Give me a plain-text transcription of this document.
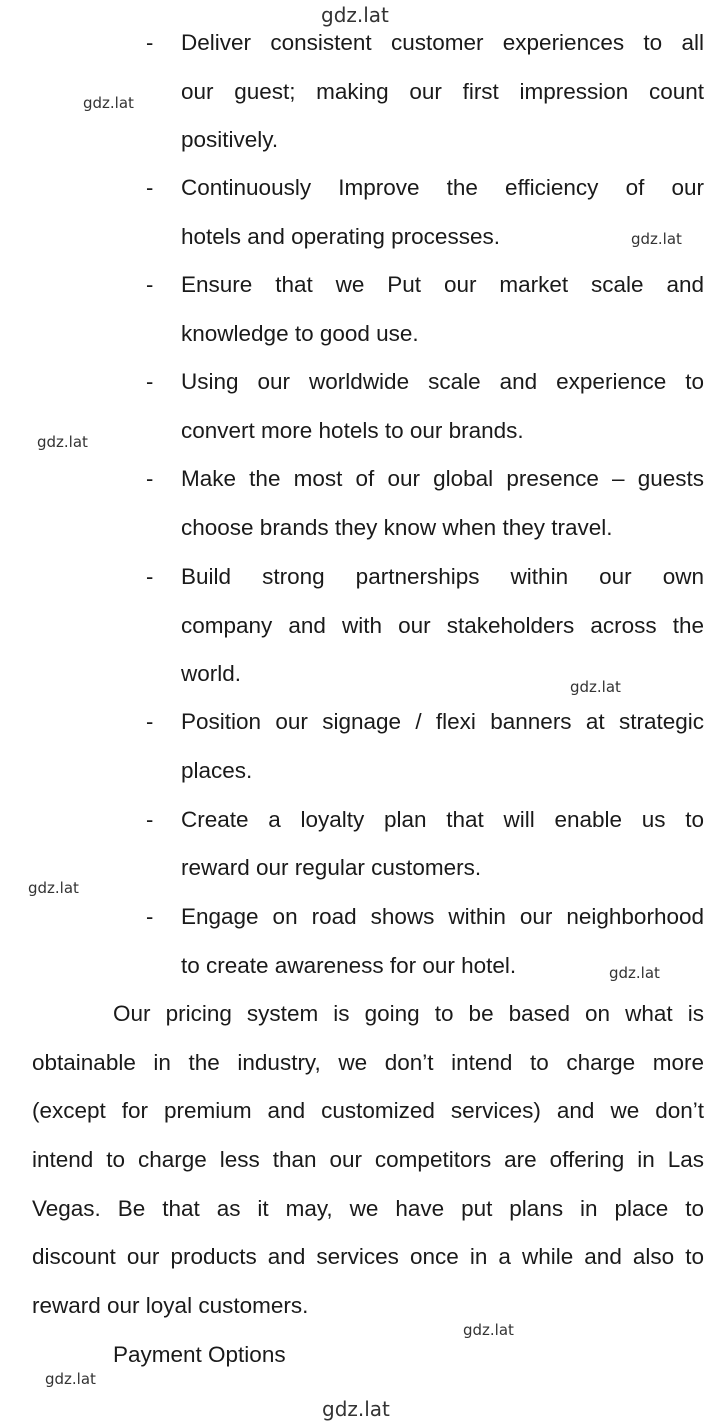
gdz.lat
gdz.lat
gdz.lat
gdz.lat
gdz.lat
gdz.lat
gdz.lat
gdz.lat
gdz.lat
gdz.lat
- Deliver consistent customer experiences to all
our guest; making our first impression count
positively.
- Continuously Improve the efficiency of our
hotels and operating processes.
- Ensure that we Put our market scale and
knowledge to good use.
- Using our worldwide scale and experience to
convert more hotels to our brands.
- Make the most of our global presence – guests
choose brands they know when they travel.
- Build strong partnerships within our own
company and with our stakeholders across the
world.
- Position our signage / flexi banners at strategic
places.
- Create a loyalty plan that will enable us to
reward our regular customers.
- Engage on road shows within our neighborhood
to create awareness for our hotel.
Our pricing system is going to be based on what is
obtainable in the industry, we don’t intend to charge more
(except for premium and customized services) and we don’t
intend to charge less than our competitors are offering in Las
Vegas. Be that as it may, we have put plans in place to
discount our products and services once in a while and also to
reward our loyal customers.
Payment Options
